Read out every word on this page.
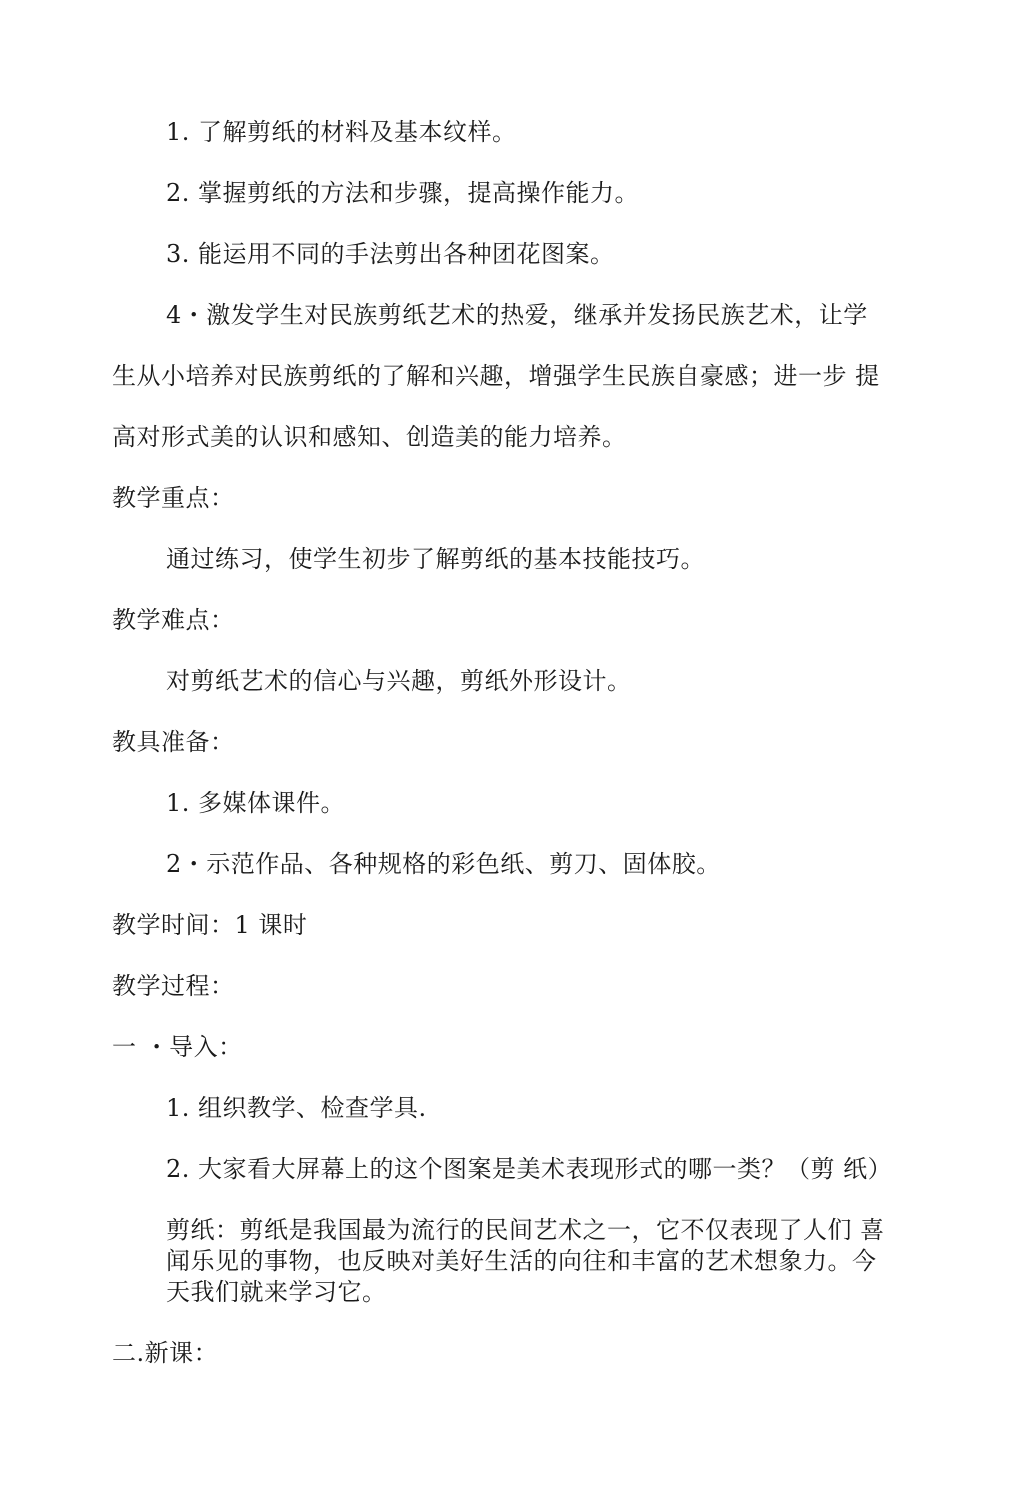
1. 了解剪纸的材料及基本纹样。
2. 掌握剪纸的方法和步骤，提高操作能力。
3. 能运用不同的手法剪出各种团花图案。
4・激发学生对民族剪纸艺术的热爱，继承并发扬民族艺术，让学
生从小培养对民族剪纸的了解和兴趣，增强学生民族自豪感；进一步 提
高对形式美的认识和感知、创造美的能力培养。
教学重点：
通过练习，使学生初步了解剪纸的基本技能技巧。
教学难点：
对剪纸艺术的信心与兴趣，剪纸外形设计。
教具准备：
1. 多媒体课件。
2・示范作品、各种规格的彩色纸、剪刀、固体胶。
教学时间：1 课时
教学过程：
一 ・导入：
1. 组织教学、检查学具.
2. 大家看大屏幕上的这个图案是美术表现形式的哪一类？（剪 纸）
剪纸：剪纸是我国最为流行的民间艺术之一，它不仅表现了人们 喜
闻乐见的事物，也反映对美好生活的向往和丰富的艺术想象力。今
天我们就来学习它。
二.新课：
